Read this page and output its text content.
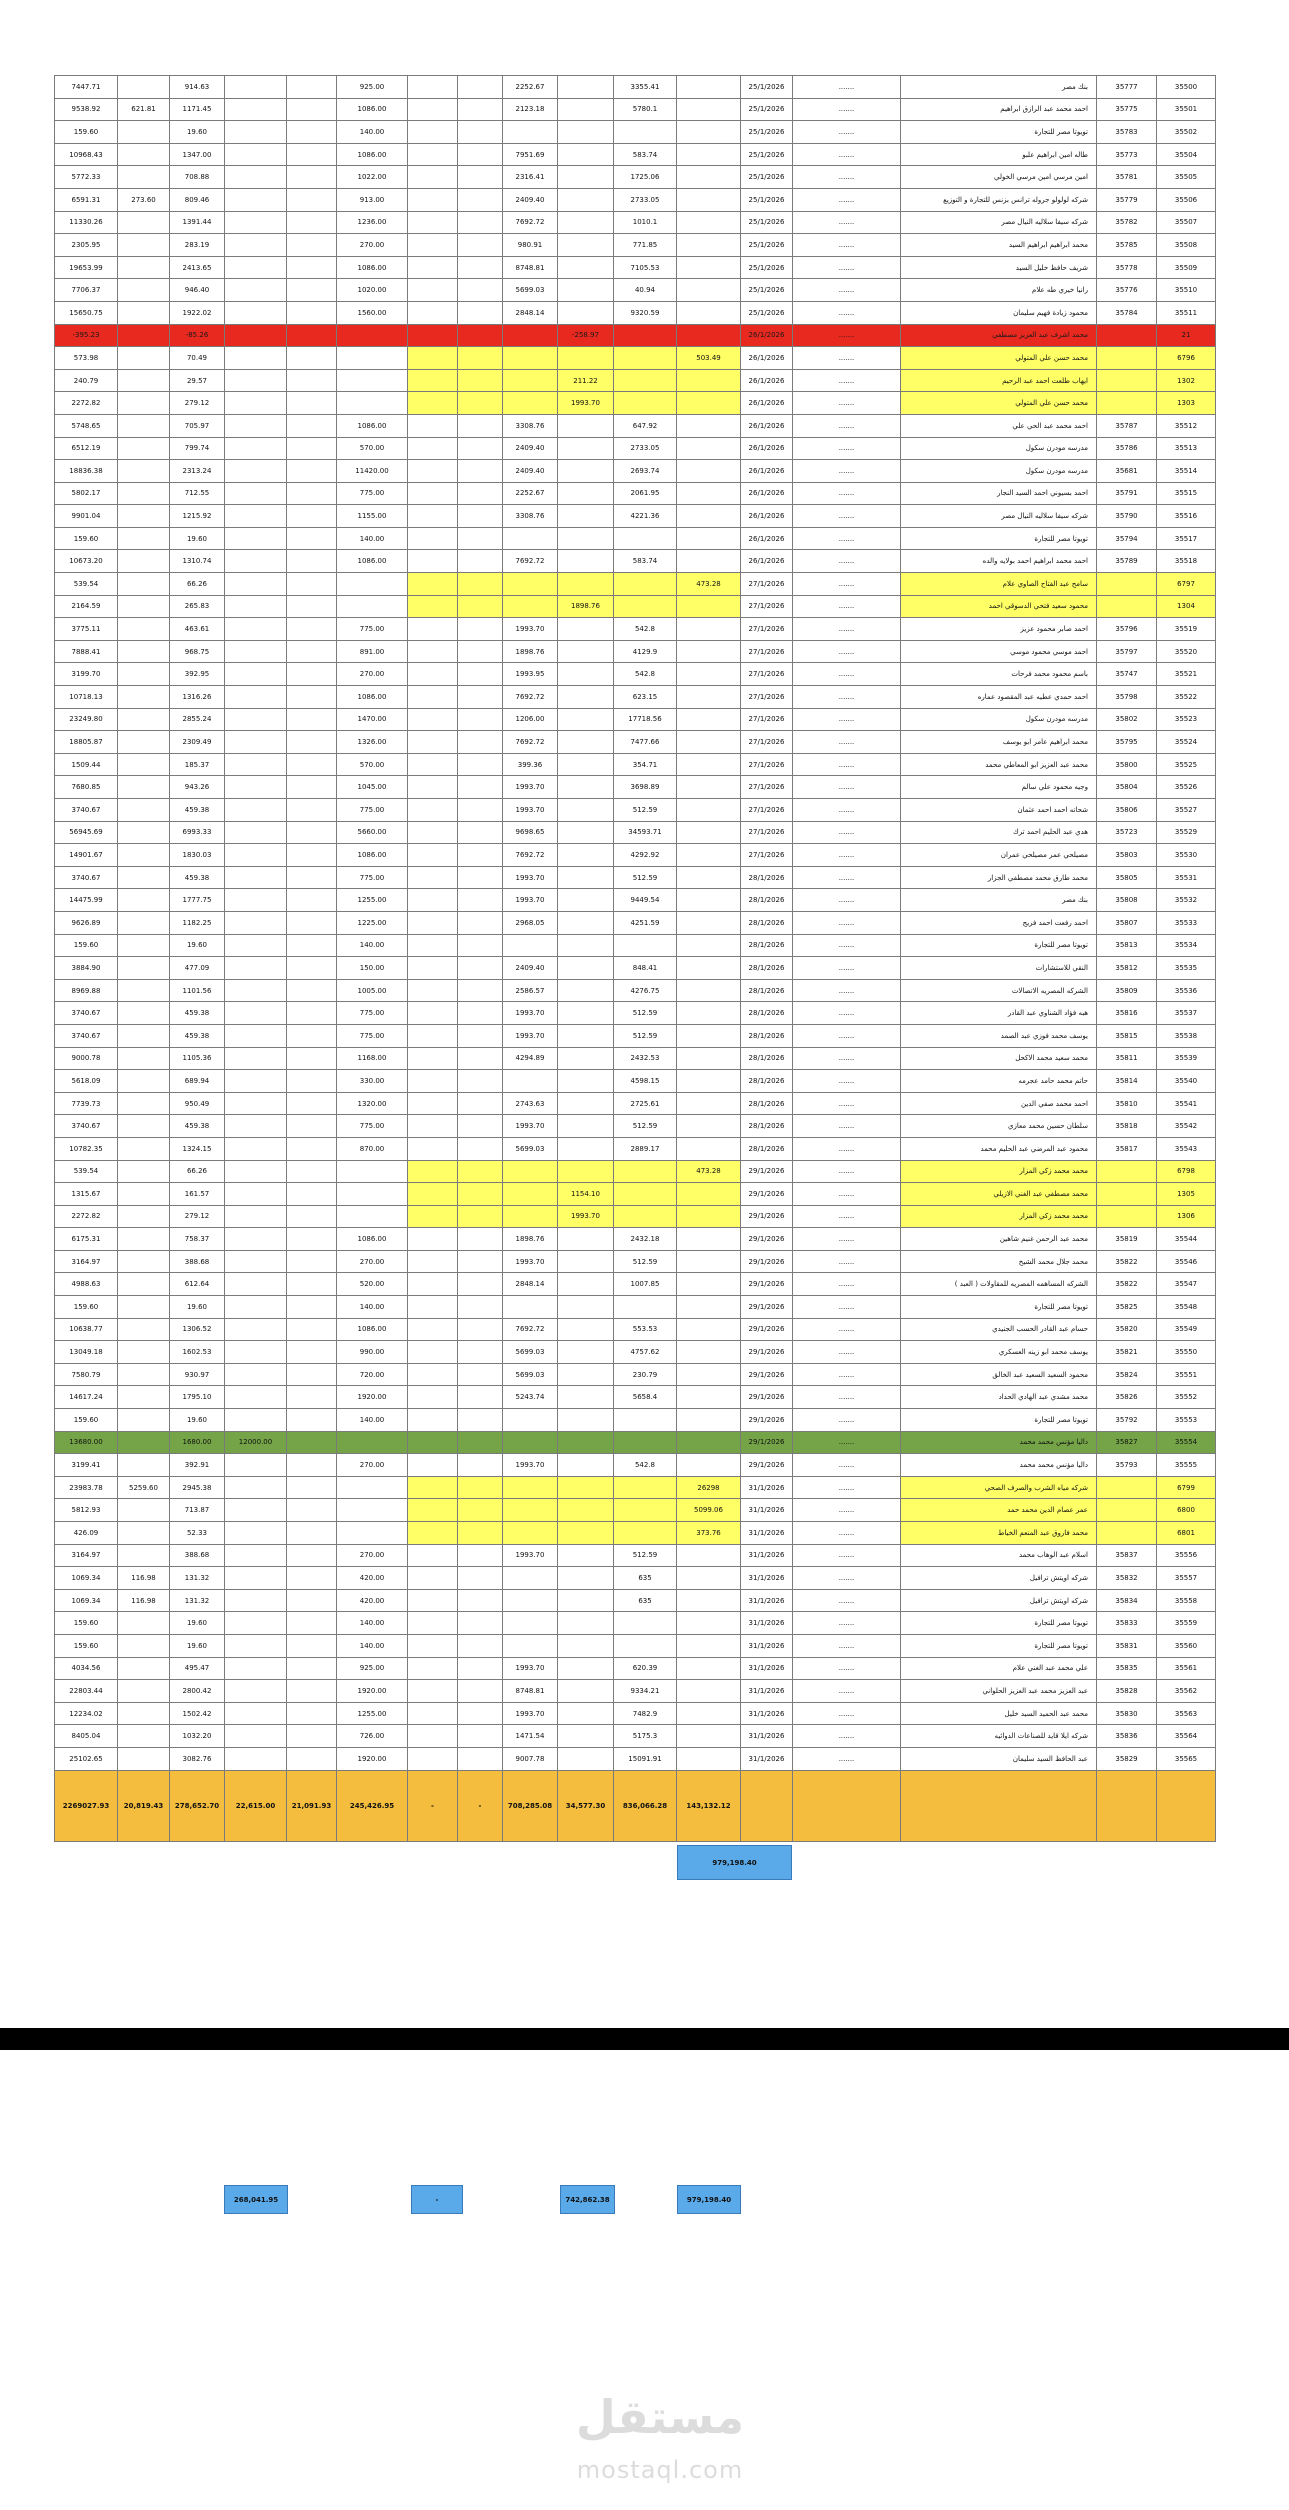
7447.71		914.63			925.00			2252.67		3355.41		25/1/2026	.......	بنك مصر	35777	35500
9538.92	621.81	1171.45			1086.00			2123.18		5780.1		25/1/2026	.......	احمد محمد عبد الرازق ابراهيم	35775	35501
159.60		19.60			140.00							25/1/2026	.......	تويوتا مصر للتجارة	35783	35502
10968.43		1347.00			1086.00			7951.69		583.74		25/1/2026	.......	طاله امين ابراهيم علبو	35773	35504
5772.33		708.88			1022.00			2316.41		1725.06		25/1/2026	.......	امين مرسي امين مرسي الخولي	35781	35505
6591.31	273.60	809.46			913.00			2409.40		2733.05		25/1/2026	.......	شركه لولولو جروله ترانس بزنس للتجارة و التوزيع	35779	35506
11330.26		1391.44			1236.00			7692.72		1010.1		25/1/2026	.......	شركه سيفا سلاليه النيال مصر	35782	35507
2305.95		283.19			270.00			980.91		771.85		25/1/2026	.......	محمد ابراهيم ابراهيم السيد	35785	35508
19653.99		2413.65			1086.00			8748.81		7105.53		25/1/2026	.......	شريف حافظ خليل السيد	35778	35509
7706.37		946.40			1020.00			5699.03		40.94		25/1/2026	.......	رانيا خيري طه علام	35776	35510
15650.75		1922.02			1560.00			2848.14		9320.59		25/1/2026	.......	محمود زيادة فهيم سليمان	35784	35511
-395.23		-85.26							-258.97			26/1/2026	.......	محمد اشرف عبد العزيز مصطفي		21
573.98		70.49									503.49	26/1/2026	.......	محمد حسن علي المتولي		6796
240.79		29.57							211.22			26/1/2026	.......	ايهاب طلعت احمد عبد الرحيم		1302
2272.82		279.12							1993.70			26/1/2026	.......	محمد حسن علي المتولي		1303
5748.65		705.97			1086.00			3308.76		647.92		26/1/2026	.......	احمد محمد عبد الحي علي	35787	35512
6512.19		799.74			570.00			2409.40		2733.05		26/1/2026	.......	مدرسه مودرن سكول	35786	35513
18836.38		2313.24			11420.00			2409.40		2693.74		26/1/2026	.......	مدرسه مودرن سكول	35681	35514
5802.17		712.55			775.00			2252.67		2061.95		26/1/2026	.......	احمد بسيوني احمد السيد النجار	35791	35515
9901.04		1215.92			1155.00			3308.76		4221.36		26/1/2026	.......	شركه سيفا سلاليه النيال مصر	35790	35516
159.60		19.60			140.00							26/1/2026	.......	تويوتا مصر للتجارة	35794	35517
10673.20		1310.74			1086.00			7692.72		583.74		26/1/2026	.......	احمد محمد ابراهيم احمد بولايه والده	35789	35518
539.54		66.26									473.28	27/1/2026	.......	سامح عبد الفتاح الصاوي علام		6797
2164.59		265.83							1898.76			27/1/2026	.......	محمود سعيد فتحي الدسوقي احمد		1304
3775.11		463.61			775.00			1993.70		542.8		27/1/2026	.......	احمد صابر محمود عزيز	35796	35519
7888.41		968.75			891.00			1898.76		4129.9		27/1/2026	.......	احمد موسي محمود موسي	35797	35520
3199.70		392.95			270.00			1993.95		542.8		27/1/2026	.......	باسم محمود محمد فرحات	35747	35521
10718.13		1316.26			1086.00			7692.72		623.15		27/1/2026	.......	احمد حمدي عطيه عبد المقصود عماره	35798	35522
23249.80		2855.24			1470.00			1206.00		17718.56		27/1/2026	.......	مدرسه مودرن سكول	35802	35523
18805.87		2309.49			1326.00			7692.72		7477.66		27/1/2026	.......	محمد ابراهيم عامر ابو يوسف	35795	35524
1509.44		185.37			570.00			399.36		354.71		27/1/2026	.......	محمد عبد العزيز ابو المعاطي محمد	35800	35525
7680.85		943.26			1045.00			1993.70		3698.89		27/1/2026	.......	وجيه محمود علي سالم	35804	35526
3740.67		459.38			775.00			1993.70		512.59		27/1/2026	.......	شحاته احمد احمد عثمان	35806	35527
56945.69		6993.33			5660.00			9698.65		34593.71		27/1/2026	.......	هدي عبد الحليم احمد ترك	35723	35529
14901.67		1830.03			1086.00			7692.72		4292.92		27/1/2026	.......	مصيلحي عمر مصيلحي عمران	35803	35530
3740.67		459.38			775.00			1993.70		512.59		28/1/2026	.......	محمد طارق محمد مصطفي الجزار	35805	35531
14475.99		1777.75			1255.00			1993.70		9449.54		28/1/2026	.......	بنك مصر	35808	35532
9626.89		1182.25			1225.00			2968.05		4251.59		28/1/2026	.......	احمد رفعت احمد فريج	35807	35533
159.60		19.60			140.00							28/1/2026	.......	تويوتا مصر للتجارة	35813	35534
3884.90		477.09			150.00			2409.40		848.41		28/1/2026	.......	النقي للاستشارات	35812	35535
8969.88		1101.56			1005.00			2586.57		4276.75		28/1/2026	.......	الشركه المصريه الاتصالات	35809	35536
3740.67		459.38			775.00			1993.70		512.59		28/1/2026	.......	هبه فؤاد الشناوي عبد القادر	35816	35537
3740.67		459.38			775.00			1993.70		512.59		28/1/2026	.......	يوسف محمد فوزي عبد الصمد	35815	35538
9000.78		1105.36			1168.00			4294.89		2432.53		28/1/2026	.......	محمد سعيد محمد الاكحل	35811	35539
5618.09		689.94			330.00					4598.15		28/1/2026	.......	حاتم محمد حامد عجرمه	35814	35540
7739.73		950.49			1320.00			2743.63		2725.61		28/1/2026	.......	احمد محمد صفي الدين	35810	35541
3740.67		459.38			775.00			1993.70		512.59		28/1/2026	.......	سلطان حسين محمد معازي	35818	35542
10782.35		1324.15			870.00			5699.03		2889.17		28/1/2026	.......	محمود عبد المرضي عبد الحليم محمد	35817	35543
539.54		66.26									473.28	29/1/2026	.......	محمد محمد زكي المزار		6798
1315.67		161.57							1154.10			29/1/2026	.......	محمد مصطفي عبد الغني الازيلي		1305
2272.82		279.12							1993.70			29/1/2026	.......	محمد محمد زكي المزار		1306
6175.31		758.37			1086.00			1898.76		2432.18		29/1/2026	.......	محمد عبد الرحمن غنيم شاهين	35819	35544
3164.97		388.68			270.00			1993.70		512.59		29/1/2026	.......	محمد جلال محمد الشيخ	35822	35546
4988.63		612.64			520.00			2848.14		1007.85		29/1/2026	.......	الشركه المساهمه المصريه للمقاولات ( العبد )	35822	35547
159.60		19.60			140.00							29/1/2026	.......	تويوتا مصر للتجارة	35825	35548
10638.77		1306.52			1086.00			7692.72		553.53		29/1/2026	.......	حسام عبد القادر الحسب الجنيدي	35820	35549
13049.18		1602.53			990.00			5699.03		4757.62		29/1/2026	.......	يوسف محمد ابو زينه العسكري	35821	35550
7580.79		930.97			720.00			5699.03		230.79		29/1/2026	.......	محمود السعيد السعيد عبد الخالق	35824	35551
14617.24		1795.10			1920.00			5243.74		5658.4		29/1/2026	.......	محمد مشدي عبد الهادي الحداد	35826	35552
159.60		19.60			140.00							29/1/2026	.......	تويوتا مصر للتجارة	35792	35553
13680.00		1680.00	12000.00									29/1/2026	.......	داليا مؤنس محمد محمد	35827	35554
3199.41		392.91			270.00			1993.70		542.8		29/1/2026	.......	داليا مؤنس محمد محمد	35793	35555
23983.78	5259.60	2945.38									26298	31/1/2026	.......	شركه مياه الشرب والصرف الصحي		6799
5812.93		713.87									5099.06	31/1/2026	.......	عمر عصام الدين محمد حمد		6800
426.09		52.33									373.76	31/1/2026	.......	محمد فاروق عبد المنعم الخياط		6801
3164.97		388.68			270.00			1993.70		512.59		31/1/2026	.......	اسلام عبد الوهاب محمد	35837	35556
1069.34	116.98	131.32			420.00					635		31/1/2026	.......	شركه اويتش ترافيل	35832	35557
1069.34	116.98	131.32			420.00					635		31/1/2026	.......	شركه اويتش ترافيل	35834	35558
159.60		19.60			140.00							31/1/2026	.......	تويوتا مصر للتجارة	35833	35559
159.60		19.60			140.00							31/1/2026	.......	تويوتا مصر للتجارة	35831	35560
4034.56		495.47			925.00			1993.70		620.39		31/1/2026	.......	علي محمد عبد الغني علام	35835	35561
22803.44		2800.42			1920.00			8748.81		9334.21		31/1/2026	.......	عبد العزيز محمد عبد العزيز الحلواني	35828	35562
12234.02		1502.42			1255.00			1993.70		7482.9		31/1/2026	.......	محمد عبد الحميد السيد خليل	35830	35563
8405.04		1032.20			726.00			1471.54		5175.3		31/1/2026	.......	شركه ايلا قايد للصناعات الدوائيه	35836	35564
25102.65		3082.76			1920.00			9007.78		15091.91		31/1/2026	.......	عبد الحافظ السيد سليمان	35829	35565
2269027.93	20,819.43	278,652.70	22,615.00	21,091.93	245,426.95	-	-	708,285.08	34,577.30	836,066.28	143,132.12					
979,198.40
268,041.95	-	742,862.38	979,198.40
مستقل
mostaql.com
